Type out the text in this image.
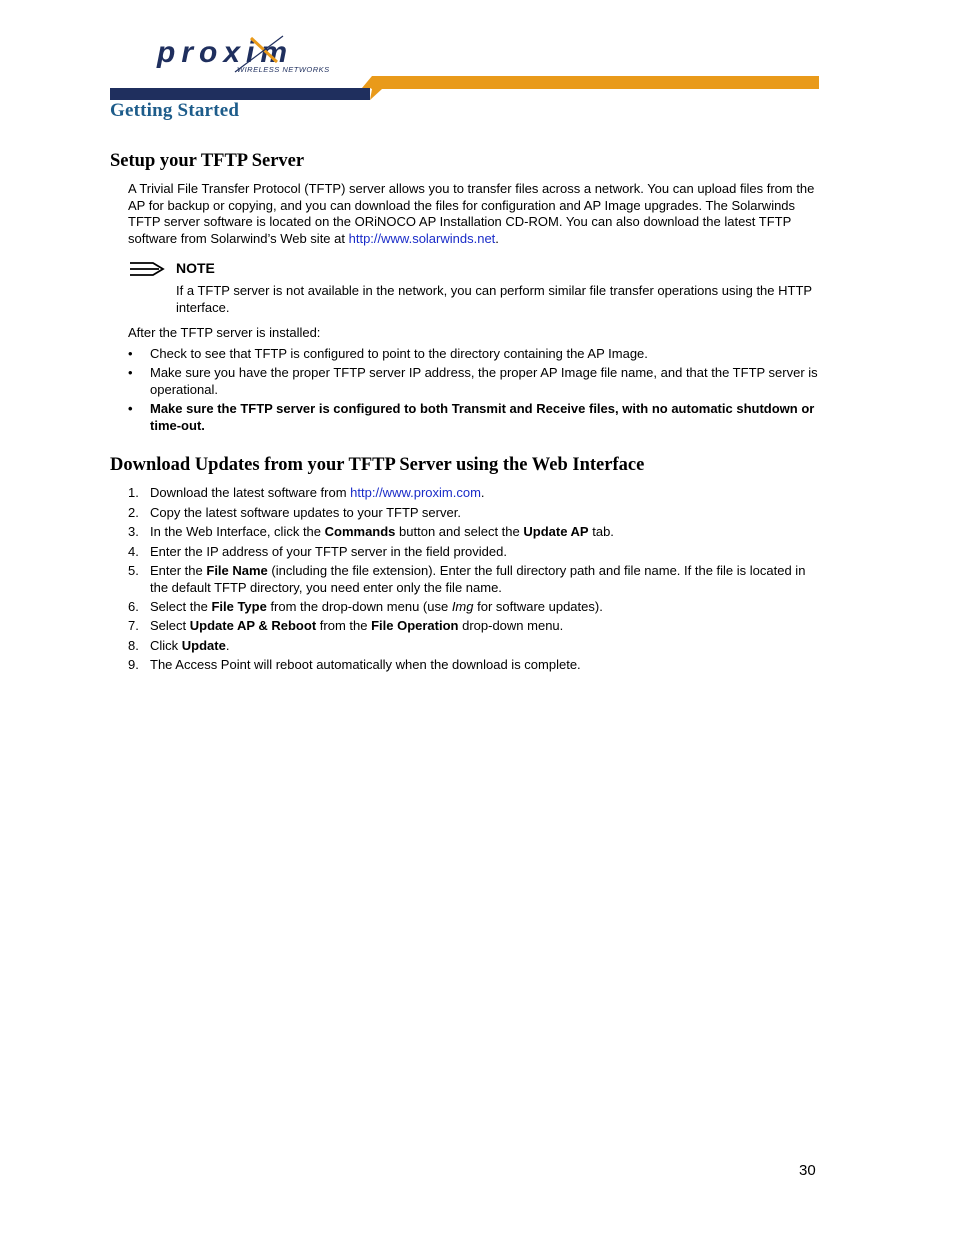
proxim
WIRELESS NETWORKS
Getting Started
Setup your TFTP Server
A Trivial File Transfer Protocol (TFTP) server allows you to transfer files across a network. You can upload files from the AP for backup or copying, and you can download the files for configuration and AP Image upgrades. The Solarwinds TFTP server software is located on the ORiNOCO AP Installation CD-ROM. You can also download the latest TFTP software from Solarwind’s Web site at http://www.solarwinds.net.
NOTE
If a TFTP server is not available in the network, you can perform similar file transfer operations using the HTTP interface.
After the TFTP server is installed:
• Check to see that TFTP is configured to point to the directory containing the AP Image.
• Make sure you have the proper TFTP server IP address, the proper AP Image file name, and that the TFTP server is operational.
• Make sure the TFTP server is configured to both Transmit and Receive files, with no automatic shutdown or time-out.
Download Updates from your TFTP Server using the Web Interface
1. Download the latest software from http://www.proxim.com.
2. Copy the latest software updates to your TFTP server.
3. In the Web Interface, click the Commands button and select the Update AP tab.
4. Enter the IP address of your TFTP server in the field provided.
5. Enter the File Name (including the file extension). Enter the full directory path and file name. If the file is located in the default TFTP directory, you need enter only the file name.
6. Select the File Type from the drop-down menu (use Img for software updates).
7. Select Update AP & Reboot from the File Operation drop-down menu.
8. Click Update.
9. The Access Point will reboot automatically when the download is complete.
30
